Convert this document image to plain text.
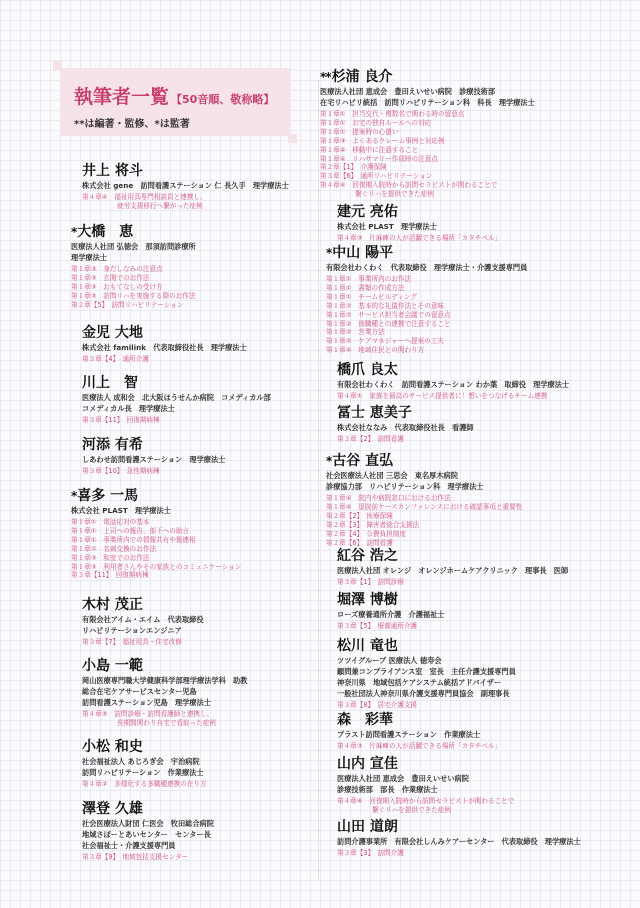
執筆者一覧 【50音順、敬称略】
**は編著・監修、*は監著
井上 将斗
株式会社 gene　訪問看護ステーション 仁 長久手　理学療法士
第４章④　 福祉用具専門相談員と連携し、
就労支援移行へ繋がった症例
*大橋　恵
医療法人社団 弘徳会　那須訪問診療所
理学療法士
第１章③　 身だしなみの注意点
第１章③　 玄関でのお作法
第１章③　 おもてなしの受け方
第１章③　 訪問リハを実施する際のお作法
第２章【5】　 訪問リハビリテーション
金児 大地
株式会社 familink　代表取締役社長　理学療法士
第３章【4】　 通所介護
川上　智
医療法人 成和会　北大阪ほうせんか病院　コメディカル部
コメディカル長　理学療法士
第３章【11】　 回復期病棟
河添 有希
しあわせ訪問看護ステーション　理学療法士
第３章【10】　 急性期病棟
*喜多 一馬
株式会社 PLAST　理学療法士
第１章①　 電話応対の基本
第１章①　 上司への報告、部下への助言
第１章①　 事業所内での情報共有や報連相
第１章②　 名刺交換のお作法
第１章③　 和室でのお作法
第１章③　 利用者さんやその家族とのコミュニケーション
第３章【11】　 回復期病棟
木村 茂正
有限会社アイム・エイム　代表取締役
リハビリテーションエンジニア
第３章【7】　 福祉用具・住宅改修
小島 一範
岡山医療専門職大学健康科学部理学療法学科　助教
総合在宅ケアサービスセンター児島
訪問看護ステーション児島　理学療法士
第４章⑤　 訪問診療・訪問看護師と連携し、
長期間関わり自宅で看取った症例
小松 和史
社会福祉法人 あじろぎ会　宇治病院
訪問リハビリテーション　作業療法士
第４章②　 多様化する多職種連携の在り方
澤登 久雄
社会医療法人財団 仁医会　牧田総合病院
地域さぽーとあいセンター　センター長
社会福祉士・介護支援専門員
第３章【9】　 地域包括支援センター
**杉浦 良介
医療法人社団 恵成会　豊田えいせい病院　診療技術部
在宅リハビリ統括　訪問リハビリテーション科　科長　理学療法士
第１章①　 担当交代・複数名で関わる時の留意点
第１章①　 お宅の独自ルールへの対応
第１章①　 提案時の心遣い
第１章③　 よくあるクレーム事例と対応例
第１章④　 移動中に注意すること
第１章④　 リハサマリー作成時の注意点
第２章【1】　 介護保険
第３章【6】　 通所リハビリテーション
第４章⑥　 回復期入院時から訪問セラピストが関わることで
繋ぐリハを提供できた症例
建元 亮佑
株式会社 PLAST　理学療法士
第４章③　 片麻痺の人が活躍できる場所「カタチベル」
*中山 陽平
有限会社わくわく　代表取締役　理学療法士・介護支援専門員
第１章①　 事業所内のお作法
第１章①　 書類の作成方法
第１章①　 チームビルディング
第１章②　 基本的な礼儀作法とその意味
第１章②　 サービス担当者会議での留意点
第１章②　 他職種との連携で注意すること
第１章②　 営業方法
第１章②　 ケアマネジャーへ提案の工夫
第１章④　 地域住民との関わり方
橋爪 良太
有限会社わくわく　訪問看護ステーション わか葉　取締役　理学療法士
第４章①　 家族を最高のサービス提供者に！想いをつなげるチーム連携
冨士 恵美子
株式会社ななみ　代表取締役社長　看護師
第３章【2】　 訪問看護
*古谷 直弘
社会医療法人社団 三思会　東名厚木病院
診療協力部　リハビリテーション科　理学療法士
第１章④　 院内や病院窓口におけるお作法
第１章④　 退院前ケースカンファレンスにおける確認事項と重要性
第２章【2】　 医療保険
第２章【3】　 障害者総合支援法
第２章【4】　 公費負担制度
第２章【6】　 訪問看護
紅谷 浩之
医療法人社団 オレンジ　オレンジホームケアクリニック　理事長　医師
第３章【1】　 訪問診療
堀澤 博樹
ローズ療養通所介護　介護福祉士
第３章【5】　 療養通所介護
松川 竜也
ツツイグループ 医療法人 徳寿会
顧問兼コンプライアンス室　室長　主任介護支援専門員
神奈川県　地域包括ケアシステム統括アドバイザー
一般社団法人神奈川県介護支援専門員協会　副理事長
第３章【8】　 居宅介護支援
森　彩華
プラスト訪問看護ステーション　作業療法士
第４章③　 片麻痺の人が活躍できる場所「カタチベル」
山内 宣佳
医療法人社団 恵成会　豊田えいせい病院
診療技術部　部長　作業療法士
第４章⑥　 回復期入院時から訪問セラピストが関わることで
繋ぐリハを提供できた症例
山田 道朗
訪問介護事業所　有限会社しんみケアーセンター　代表取締役　理学療法士
第３章【3】　 訪問介護
